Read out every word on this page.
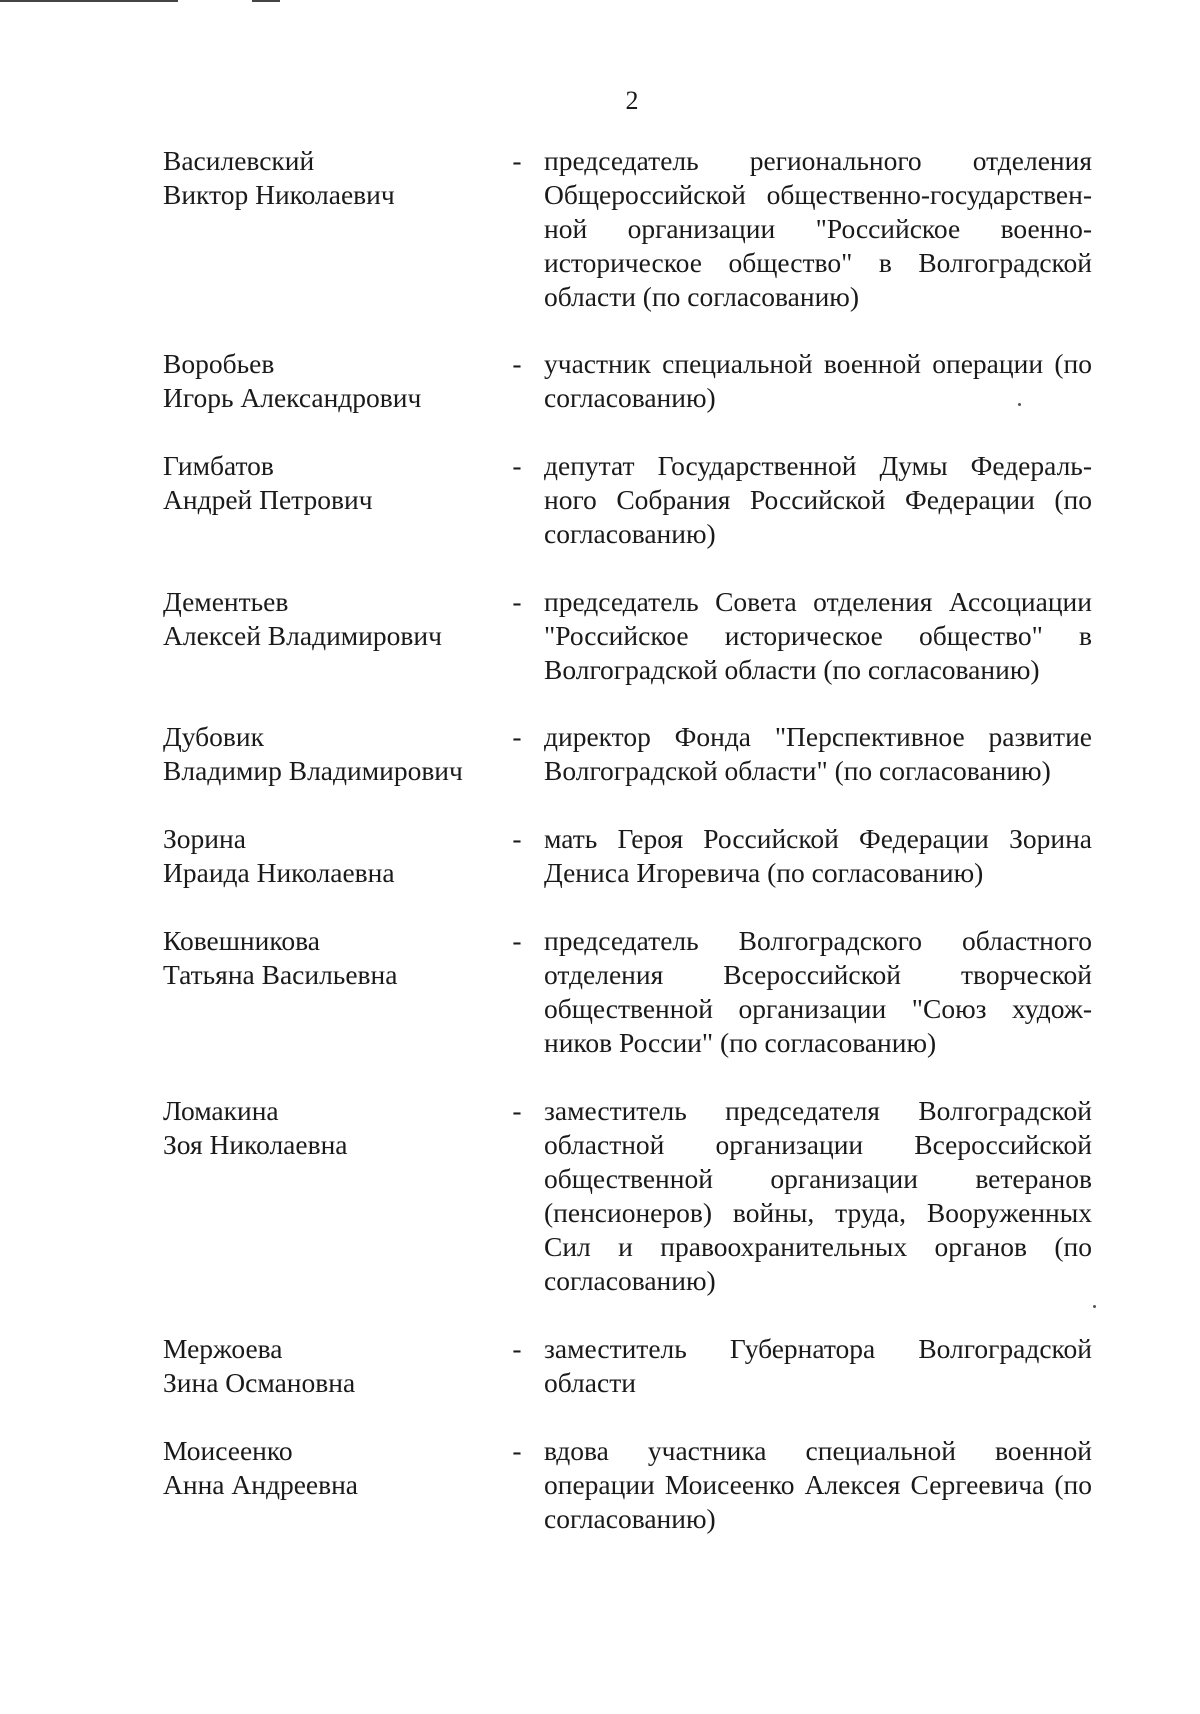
2
Василевский
Виктор Николаевич
- председатель регионального отделения Общероссийской общественно-государствен-ной организации "Российское военно-историческое общество" в Волгоградской области (по согласованию)
Воробьев
Игорь Александрович
- участник специальной военной операции (по согласованию)
Гимбатов
Андрей Петрович
- депутат Государственной Думы Федераль-ного Собрания Российской Федерации (по согласованию)
Дементьев
Алексей Владимирович
- председатель Совета отделения Ассоциации "Российское историческое общество" в Волгоградской области (по согласованию)
Дубовик
Владимир Владимирович
- директор Фонда "Перспективное развитие Волгоградской области" (по согласованию)
Зорина
Ираида Николаевна
- мать Героя Российской Федерации Зорина Дениса Игоревича (по согласованию)
Ковешникова
Татьяна Васильевна
- председатель Волгоградского областного отделения Всероссийской творческой общественной организации "Союз худож-ников России" (по согласованию)
Ломакина
Зоя Николаевна
- заместитель председателя Волгоградской областной организации Всероссийской общественной организации ветеранов (пенсионеров) войны, труда, Вооруженных Сил и правоохранительных органов (по согласованию)
Мержоева
Зина Османовна
- заместитель Губернатора Волгоградской области
Моисеенко
Анна Андреевна
- вдова участника специальной военной операции Моисеенко Алексея Сергеевича (по согласованию)
